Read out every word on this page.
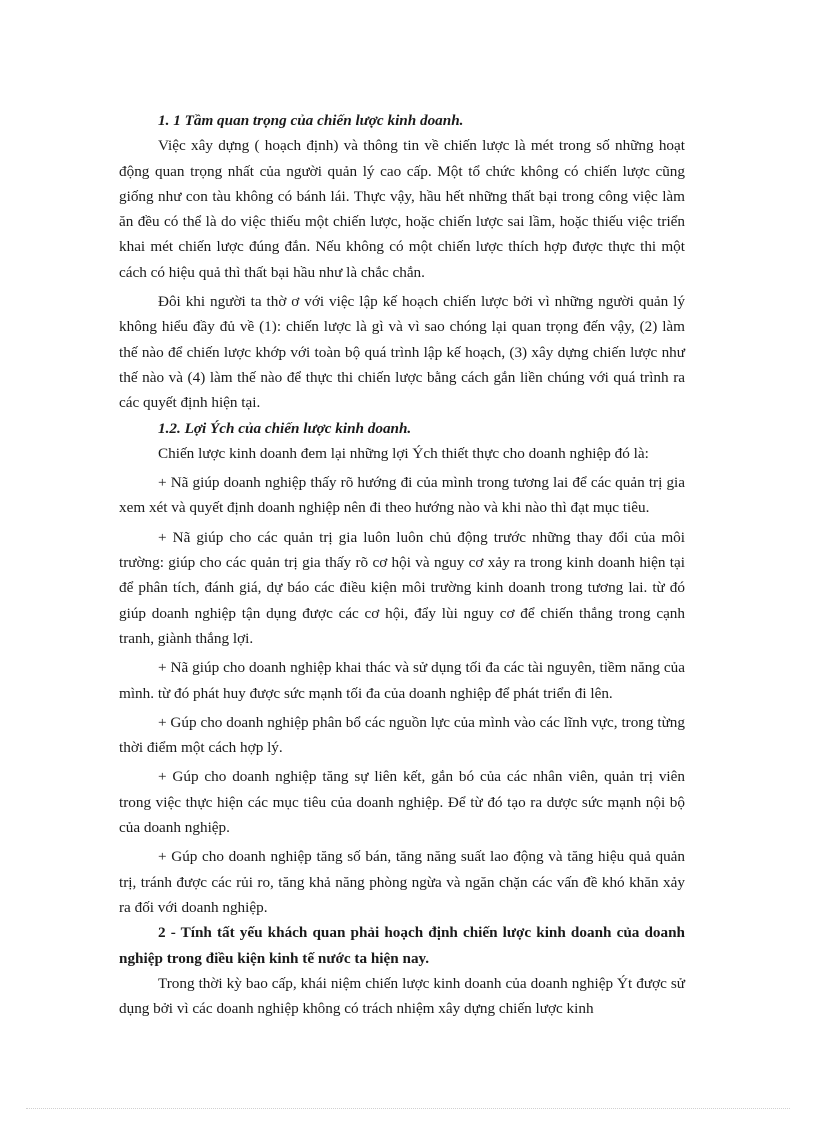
1. 1 Tầm quan trọng của chiến lược kinh doanh.

Việc xây dựng ( hoạch định) và thông tin về chiến lược là mét trong số những hoạt động quan trọng nhất của người quản lý cao cấp. Một tổ chức không có chiến lược cũng giống như con tàu không có bánh lái. Thực vậy, hầu hết những thất bại trong công việc làm ăn đều có thể là do việc thiếu một chiến lược, hoặc chiến lược sai lầm, hoặc thiếu việc triển khai mét chiến lược đúng đắn. Nếu không có một chiến lược thích hợp được thực thi một cách có hiệu quả thì thất bại hầu như là chắc chắn.

Đôi khi người ta thờ ơ với việc lập kế hoạch chiến lược bởi vì những người quản lý không hiểu đầy đủ về (1): chiến lược là gì và vì sao chóng lại quan trọng đến vậy, (2) làm thế nào để chiến lược khớp với toàn bộ quá trình lập kế hoạch, (3) xây dựng chiến lược như thế nào và (4) làm thế nào để thực thi chiến lược bằng cách gắn liền chúng với quá trình ra các quyết định hiện tại.

1.2. Lợi Ých của chiến lược kinh doanh.

Chiến lược kinh doanh đem lại những lợi Ých thiết thực cho doanh nghiệp đó là:

+ Nã giúp doanh nghiệp thấy rõ hướng đi của mình trong tương lai để các quản trị gia xem xét và quyết định doanh nghiệp nên đi theo hướng nào và khi nào thì đạt mục tiêu.

+ Nã giúp cho các quản trị gia luôn luôn chủ động trước những thay đổi của môi trường: giúp cho các quản trị gia thấy rõ cơ hội và nguy cơ xảy ra trong kinh doanh hiện tại để phân tích, đánh giá, dự báo các điều kiện môi trường kinh doanh trong tương lai. từ đó giúp doanh nghiệp tận dụng được các cơ hội, đẩy lùi nguy cơ để chiến thắng trong cạnh tranh, giành thắng lợi.

+ Nã giúp cho doanh nghiệp khai thác và sử dụng tối đa các tài nguyên, tiềm năng của mình. từ đó phát huy được sức mạnh tối đa của doanh nghiệp để phát triển đi lên.

+ Gúp cho doanh nghiệp phân bổ các nguồn lực của mình vào các lĩnh vực, trong từng thời điểm một cách hợp lý.

+ Gúp cho doanh nghiệp tăng sự liên kết, gắn bó của các nhân viên, quản trị viên trong việc thực hiện các mục tiêu của doanh nghiệp. Để từ đó tạo ra dược sức mạnh nội bộ của doanh nghiệp.

+ Gúp cho doanh nghiệp tăng số bán, tăng năng suất lao động và tăng hiệu quả quản trị, tránh được các rủi ro, tăng khả năng phòng ngừa và ngăn chặn các vấn đề khó khăn xảy ra đối với doanh nghiệp.

2 - Tính tất yếu khách quan phải hoạch định chiến lược kinh doanh của doanh nghiệp trong điều kiện kinh tế nước ta hiện nay.

Trong thời kỳ bao cấp, khái niệm chiến lược kinh doanh của doanh nghiệp Ýt được sử dụng bởi vì các doanh nghiệp không có trách nhiệm xây dựng chiến lược kinh
